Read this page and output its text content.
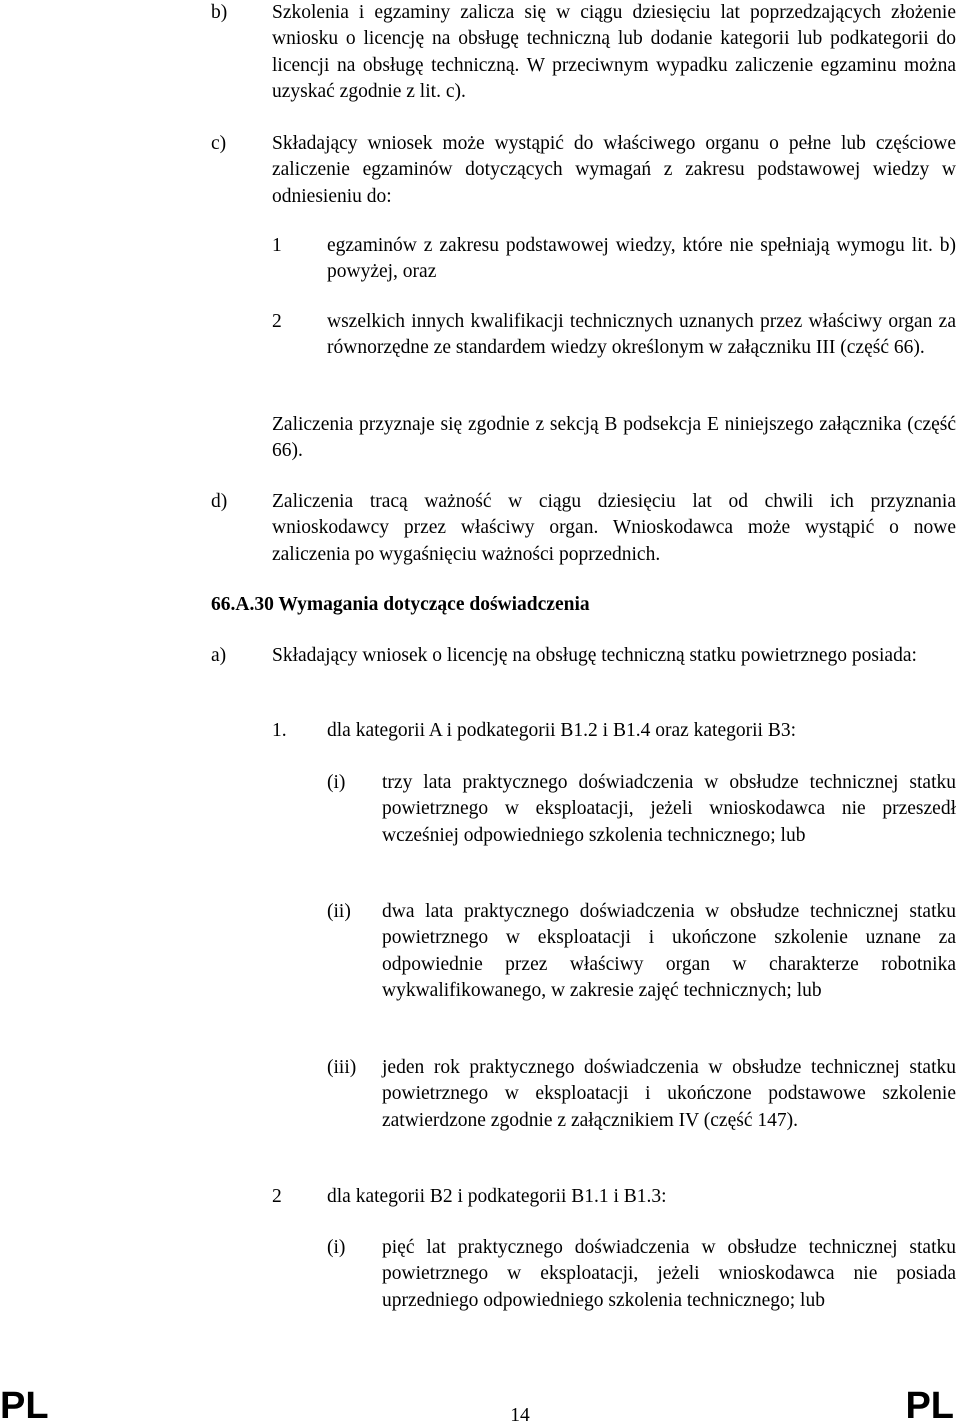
b) Szkolenia i egzaminy zalicza się w ciągu dziesięciu lat poprzedzających złożenie wniosku o licencję na obsługę techniczną lub dodanie kategorii lub podkategorii do licencji na obsługę techniczną. W przeciwnym wypadku zaliczenie egzaminu można uzyskać zgodnie z lit. c).

c) Składający wniosek może wystąpić do właściwego organu o pełne lub częściowe zaliczenie egzaminów dotyczących wymagań z zakresu podstawowej wiedzy w odniesieniu do:

1 egzaminów z zakresu podstawowej wiedzy, które nie spełniają wymogu lit. b) powyżej, oraz

2 wszelkich innych kwalifikacji technicznych uznanych przez właściwy organ za równorzędne ze standardem wiedzy określonym w załączniku III (część 66).

Zaliczenia przyznaje się zgodnie z sekcją B podsekcja E niniejszego załącznika (część 66).

d) Zaliczenia tracą ważność w ciągu dziesięciu lat od chwili ich przyznania wnioskodawcy przez właściwy organ. Wnioskodawca może wystąpić o nowe zaliczenia po wygaśnięciu ważności poprzednich.

66.A.30 Wymagania dotyczące doświadczenia
a) Składający wniosek o licencję na obsługę techniczną statku powietrznego posiada:

1. dla kategorii A i podkategorii B1.2 i B1.4 oraz kategorii B3:

(i) trzy lata praktycznego doświadczenia w obsłudze technicznej statku powietrznego w eksploatacji, jeżeli wnioskodawca nie przeszedł wcześniej odpowiedniego szkolenia technicznego; lub

(ii) dwa lata praktycznego doświadczenia w obsłudze technicznej statku powietrznego w eksploatacji i ukończone szkolenie uznane za odpowiednie przez właściwy organ w charakterze robotnika wykwalifikowanego, w zakresie zajęć technicznych; lub

(iii) jeden rok praktycznego doświadczenia w obsłudze technicznej statku powietrznego w eksploatacji i ukończone podstawowe szkolenie zatwierdzone zgodnie z załącznikiem IV (część 147).

2 dla kategorii B2 i podkategorii B1.1 i B1.3:

(i) pięć lat praktycznego doświadczenia w obsłudze technicznej statku powietrznego w eksploatacji, jeżeli wnioskodawca nie posiada uprzedniego odpowiedniego szkolenia technicznego; lub

PL	14	PL
